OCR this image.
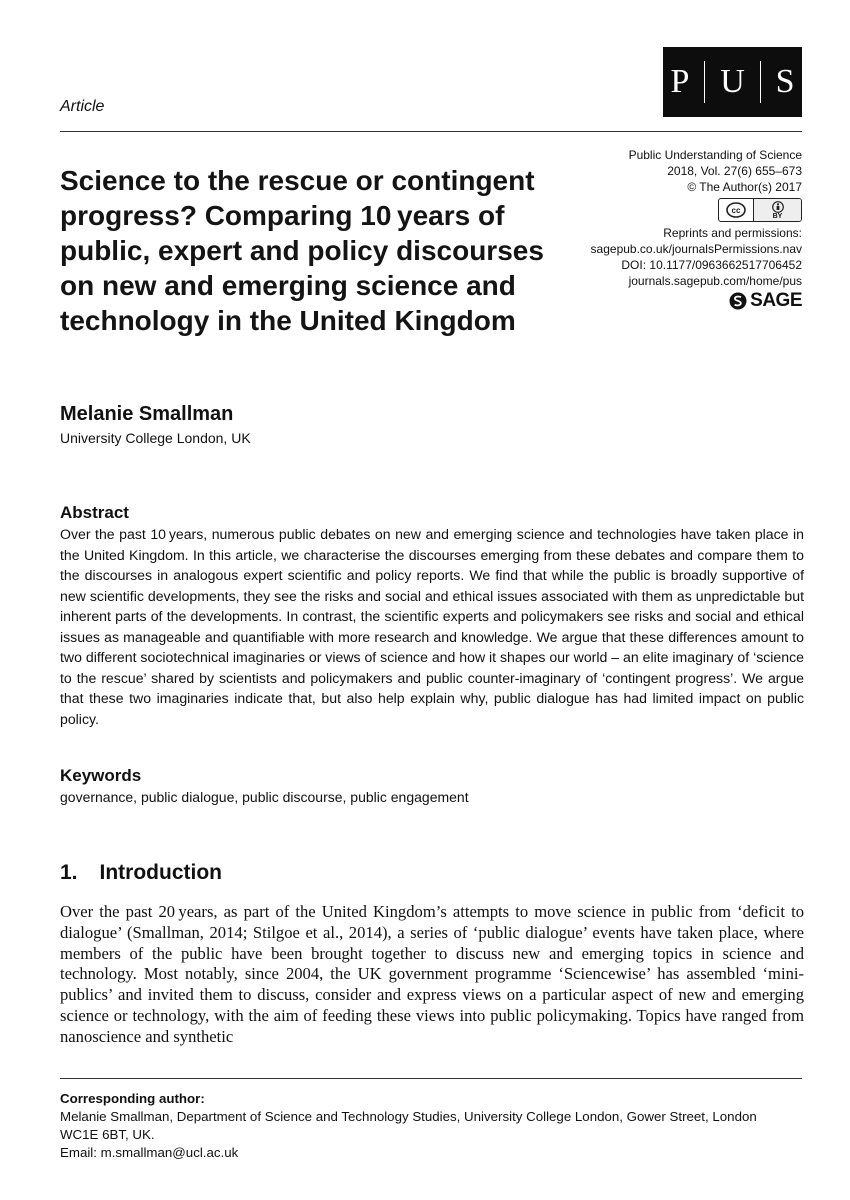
P U S
Article
Science to the rescue or contingent progress? Comparing 10 years of public, expert and policy discourses on new and emerging science and technology in the United Kingdom
Public Understanding of Science
2018, Vol. 27(6) 655–673
© The Author(s) 2017
cc
BY
Reprints and permissions:
sagepub.co.uk/journalsPermissions.nav
DOI: 10.1177/0963662517706452
journals.sagepub.com/home/pus
SAGE
Melanie Smallman
University College London, UK
Abstract

Over the past 10 years, numerous public debates on new and emerging science and technologies have taken place in the United Kingdom. In this article, we characterise the discourses emerging from these debates and compare them to the discourses in analogous expert scientific and policy reports. We find that while the public is broadly supportive of new scientific developments, they see the risks and social and ethical issues associated with them as unpredictable but inherent parts of the developments. In contrast, the scientific experts and policymakers see risks and social and ethical issues as manageable and quantifiable with more research and knowledge. We argue that these differences amount to two different sociotechnical imaginaries or views of science and how it shapes our world – an elite imaginary of ‘science to the rescue’ shared by scientists and policymakers and public counter-imaginary of ‘contingent progress’. We argue that these two imaginaries indicate that, but also help explain why, public dialogue has had limited impact on public policy.

Keywords
governance, public dialogue, public discourse, public engagement
1. Introduction

Over the past 20 years, as part of the United Kingdom’s attempts to move science in public from ‘deficit to dialogue’ (Smallman, 2014; Stilgoe et al., 2014), a series of ‘public dialogue’ events have taken place, where members of the public have been brought together to discuss new and emerging topics in science and technology. Most notably, since 2004, the UK government programme ‘Sciencewise’ has assembled ‘mini-publics’ and invited them to discuss, consider and express views on a particular aspect of new and emerging science or technology, with the aim of feeding these views into public policymaking. Topics have ranged from nanoscience and synthetic

Corresponding author:
Melanie Smallman, Department of Science and Technology Studies, University College London, Gower Street, London
WC1E 6BT, UK.
Email: m.smallman@ucl.ac.uk
